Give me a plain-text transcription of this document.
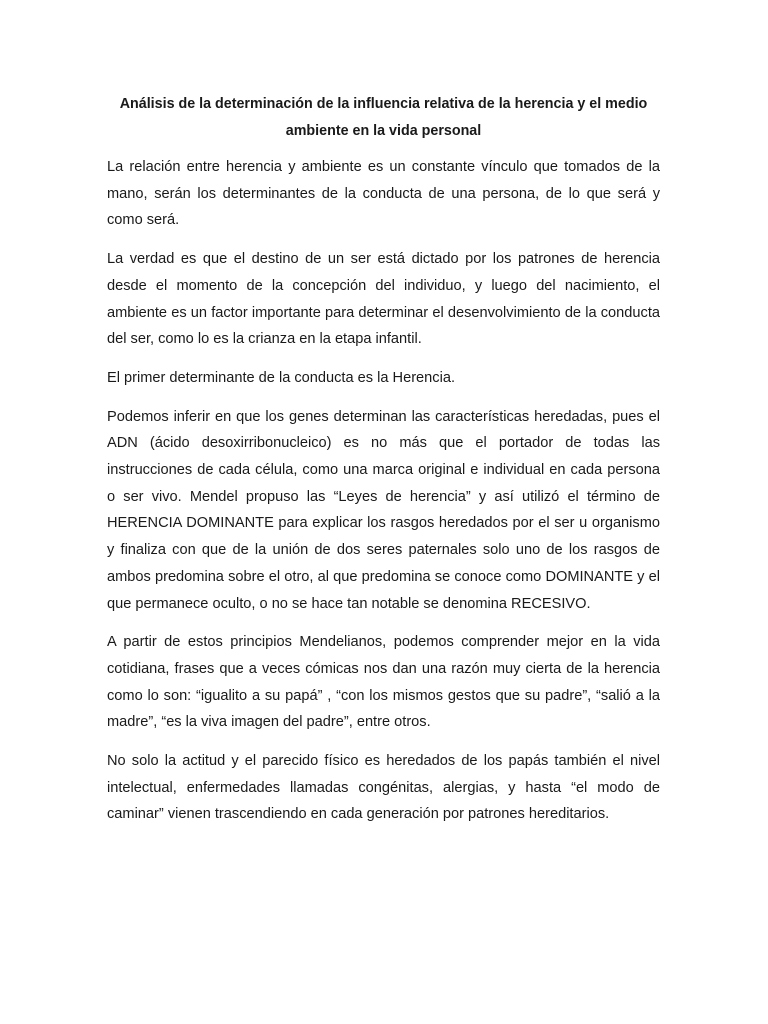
Análisis de la determinación de la influencia relativa de la herencia y el medio ambiente en la vida personal

La relación entre herencia y ambiente es un constante vínculo que tomados de la mano, serán los determinantes de la conducta de una persona, de lo que será y como será.

La verdad es que el destino de un ser está dictado por los patrones de herencia desde el momento de la concepción del individuo, y luego del nacimiento, el ambiente es un factor importante para determinar el desenvolvimiento de la conducta del ser, como lo es la crianza en la etapa infantil.

El primer determinante de la conducta es la Herencia.

Podemos inferir en que los genes determinan las características heredadas, pues el ADN (ácido desoxirribonucleico) es no más que el portador de todas las instrucciones de cada célula, como una marca original e individual en cada persona o ser vivo. Mendel propuso las “Leyes de herencia” y así utilizó el término de HERENCIA DOMINANTE para explicar los rasgos heredados por el ser u organismo y finaliza con que de la unión de dos seres paternales solo uno de los rasgos de ambos predomina sobre el otro, al que predomina se conoce como DOMINANTE y el que permanece oculto, o no se hace tan notable se denomina RECESIVO.

A partir de estos principios Mendelianos, podemos comprender mejor en la vida cotidiana, frases que a veces cómicas nos dan una razón muy cierta de la herencia como lo son: “igualito a su papá” , “con los mismos gestos que su padre”, “salió a la madre”, “es la viva imagen del padre”, entre otros.

No solo la actitud y el parecido físico es heredados de los papás también el nivel intelectual, enfermedades llamadas congénitas, alergias, y hasta “el modo de caminar” vienen trascendiendo en cada generación por patrones hereditarios.
